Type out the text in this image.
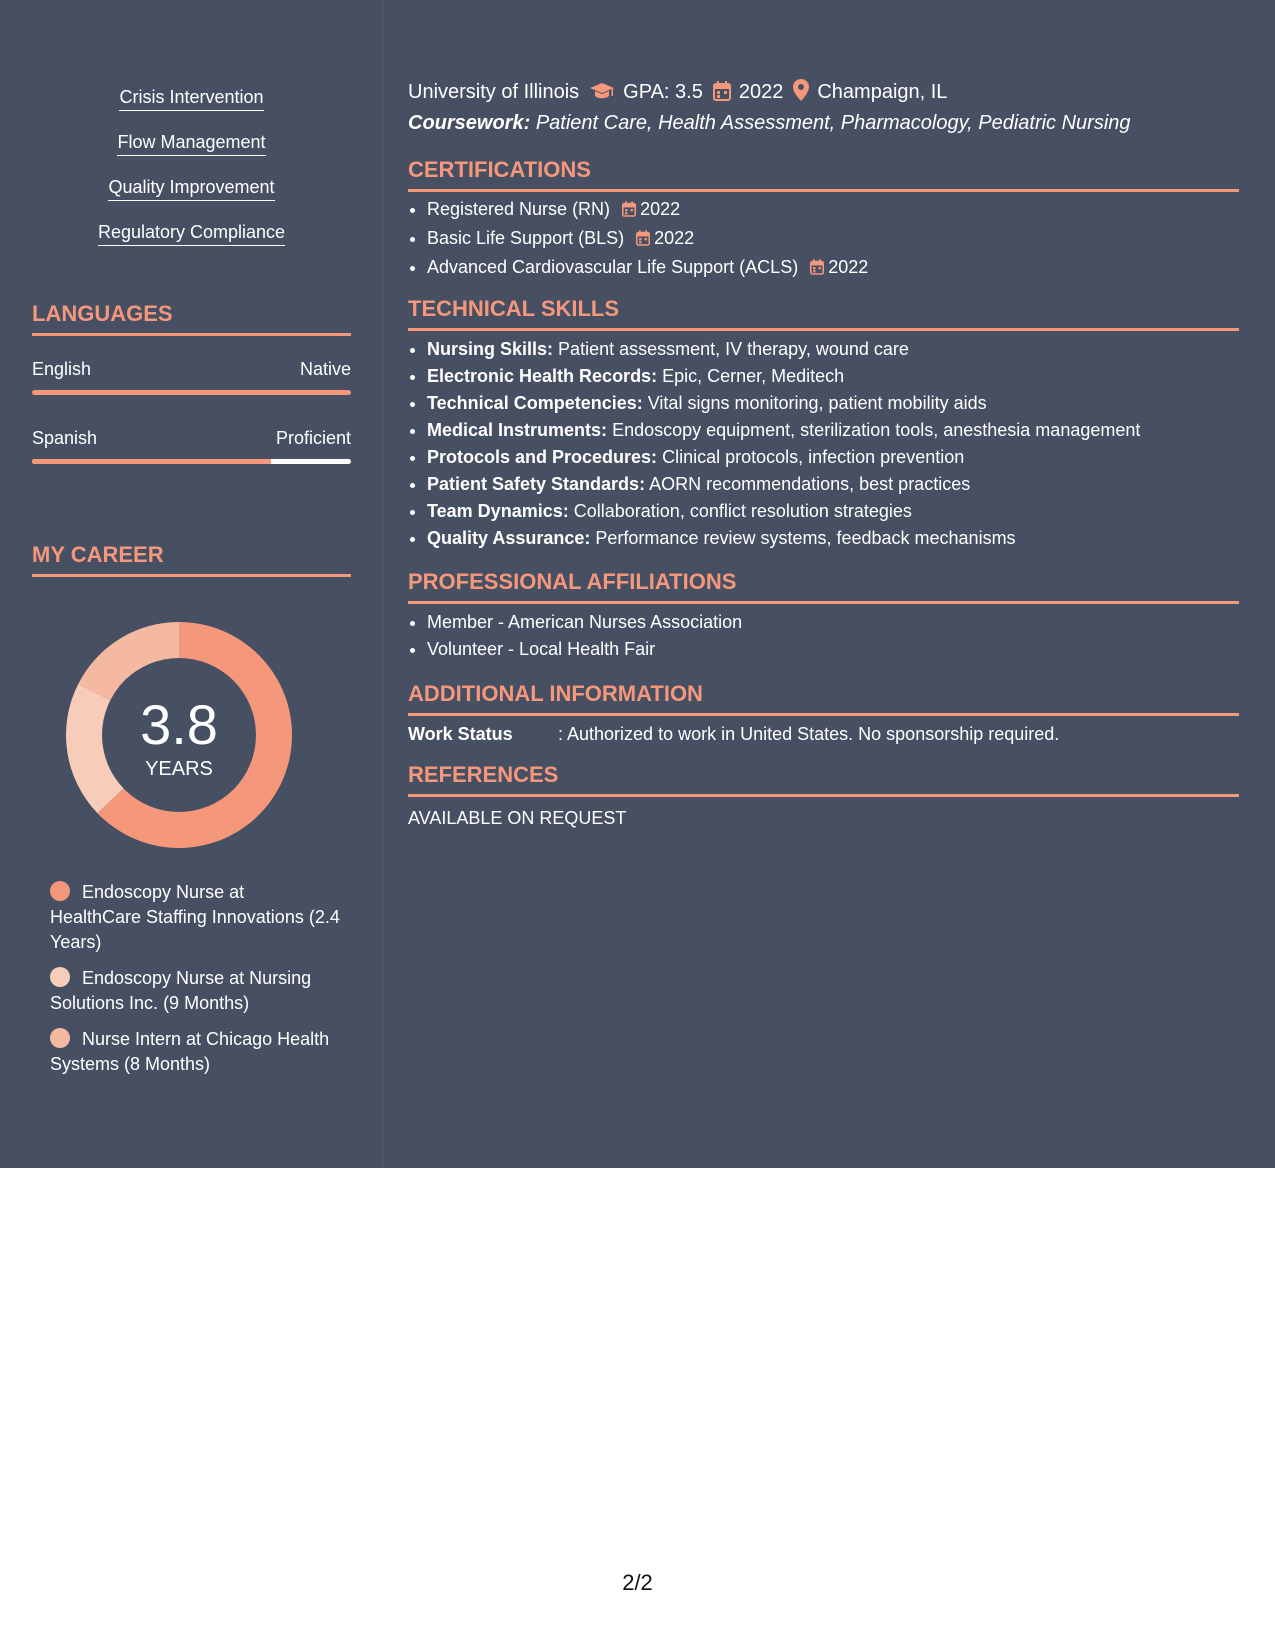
Crisis Intervention
Flow Management
Quality Improvement
Regulatory Compliance
LANGUAGES
English	Native
Spanish	Proficient
MY CAREER
3.8
YEARS
Endoscopy Nurse at HealthCare Staffing Innovations (2.4 Years)
Endoscopy Nurse at Nursing Solutions Inc. (9 Months)
Nurse Intern at Chicago Health Systems (8 Months)
University of Illinois GPA: 3.5 2022 Champaign, IL
Coursework: Patient Care, Health Assessment, Pharmacology, Pediatric Nursing
CERTIFICATIONS
• Registered Nurse (RN) 2022
• Basic Life Support (BLS) 2022
• Advanced Cardiovascular Life Support (ACLS) 2022
TECHNICAL SKILLS
• Nursing Skills: Patient assessment, IV therapy, wound care
• Electronic Health Records: Epic, Cerner, Meditech
• Technical Competencies: Vital signs monitoring, patient mobility aids
• Medical Instruments: Endoscopy equipment, sterilization tools, anesthesia management
• Protocols and Procedures: Clinical protocols, infection prevention
• Patient Safety Standards: AORN recommendations, best practices
• Team Dynamics: Collaboration, conflict resolution strategies
• Quality Assurance: Performance review systems, feedback mechanisms
PROFESSIONAL AFFILIATIONS
• Member - American Nurses Association
• Volunteer - Local Health Fair
ADDITIONAL INFORMATION
Work Status	: Authorized to work in United States. No sponsorship required.
REFERENCES
AVAILABLE ON REQUEST
2/2
